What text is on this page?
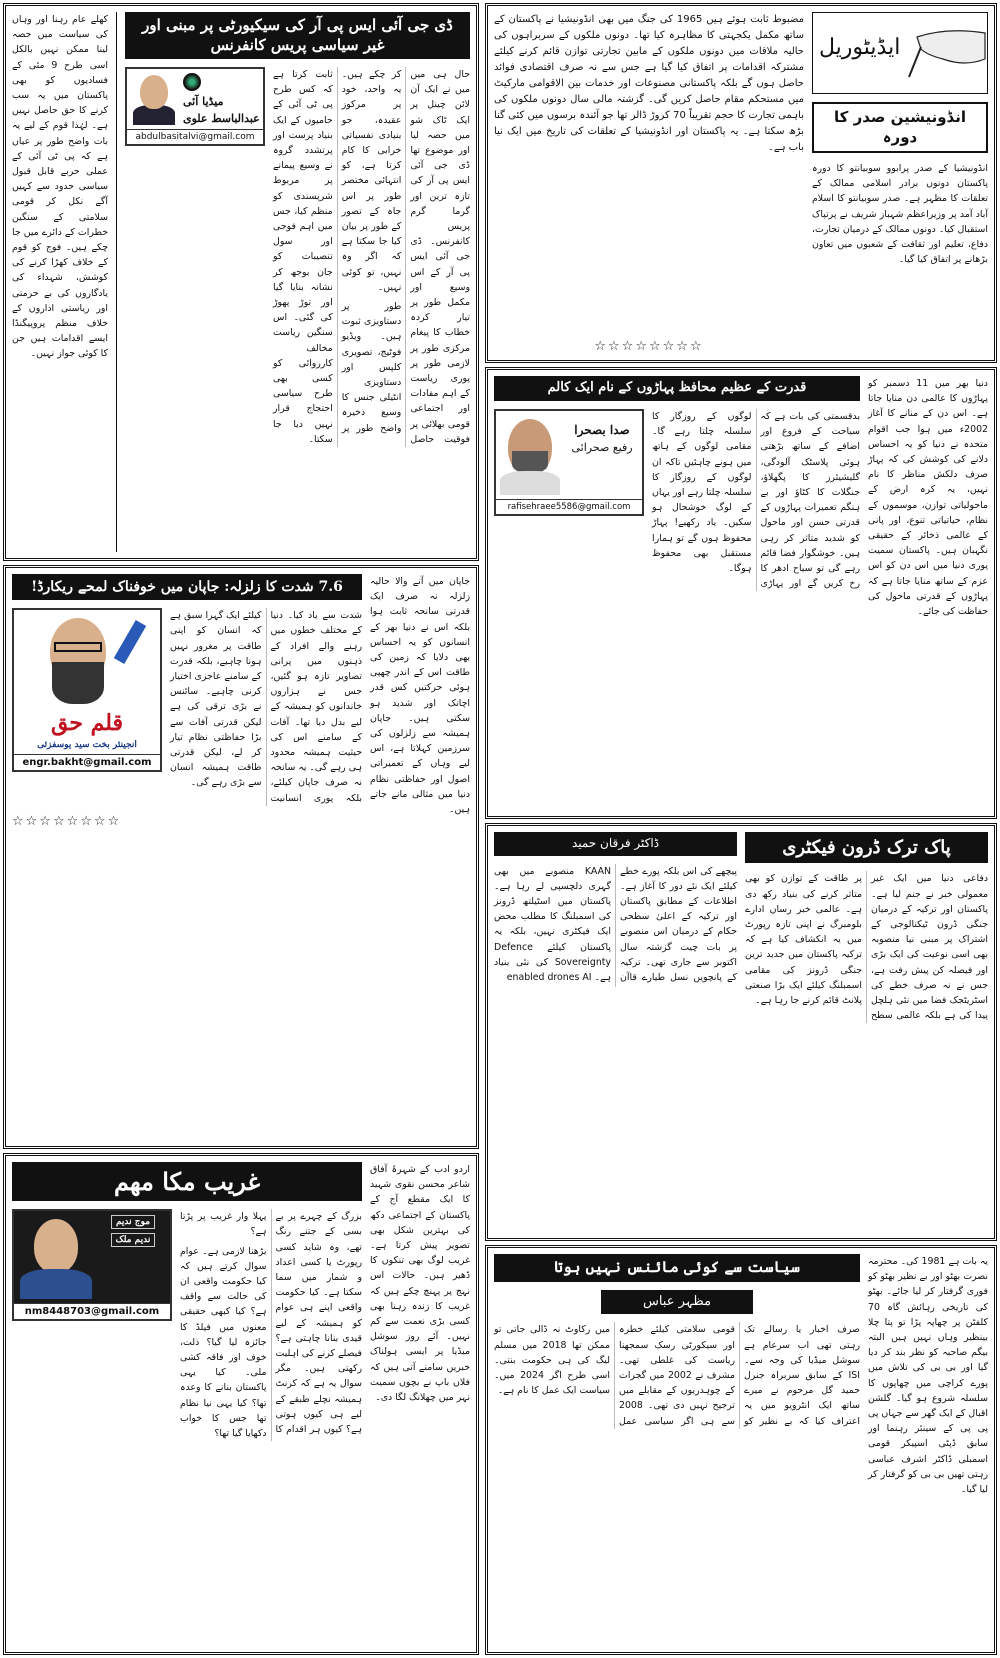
ڈی جی آئی ایس پی آر کی سیکیورٹی پر مبنی اور غیر سیاسی پریس کانفرنس

حال ہی میں میں نے ایک آن لائن چینل پر ایک ٹاک شو میں حصہ لیا اور موضوع تھا ڈی جی آئی ایس پی آر کی تازہ ترین اور گرما گرم پریس کانفرنس۔ ڈی جی آئی ایس پی آر کے اس وسیع اور مکمل طور پر تیار کردہ خطاب کا پیغام مرکزی طور پر لازمی طور پر پوری ریاست کے اہم مفادات اور اجتماعی قومی بھلائی پر فوقیت حاصل کر چکے ہیں۔ یہ واحد، خود پر مرکوز عقیدہ، جو بنیادی نفسیاتی خرابی کا کام کرتا ہے، کو انتہائی مختصر طور پر اس جاہ کے تصور کے طور پر بیان کیا جا سکتا ہے کہ اگر وہ نہیں، تو کوئی نہیں۔

طور پر دستاویزی ثبوت ہیں۔ ویڈیو فوٹیج، تصویری کلپس اور دستاویزی انٹیلی جنس کا وسیع ذخیرہ واضح طور پر ثابت کرتا ہے کہ کس طرح پی ٹی آئی کے حامیوں کے ایک بنیاد پرست اور پرتشدد گروہ نے وسیع پیمانے پر مربوط شرپسندی کو منظم کیا، جس میں اہم فوجی اور سول تنصیبات کو جان بوجھ کر نشانہ بنایا گیا اور توڑ پھوڑ کی گئی۔ اس سنگین ریاست مخالف کارروائی کو کسی بھی طرح سیاسی احتجاج قرار نہیں دیا جا سکتا۔

میڈیا آئی
عبدالباسط علوی
abdulbasitalvi@gmail.com

کھلے عام رہنا اور وہاں کی سیاست میں حصہ لینا ممکن نہیں بالکل اسی طرح 9 مئی کے فسادیوں کو بھی پاکستان میں یہ سب کرنے کا حق حاصل نہیں ہے۔ لہٰذا قوم کے لیے یہ بات واضح طور پر عیاں ہے کہ پی ٹی آئی کے عملی حربے قابل قبول سیاسی حدود سے کہیں آگے نکل کر قومی سلامتی کے سنگین خطرات کے دائرے میں جا چکے ہیں۔ فوج کو قوم کے خلاف کھڑا کرنے کی کوشش، شہداء کی یادگاروں کی بے حرمتی اور ریاستی اداروں کے خلاف منظم پروپیگنڈا ایسے اقدامات ہیں جن کا کوئی جواز نہیں۔

جاپان میں آنے والا حالیہ زلزلہ نہ صرف ایک قدرتی سانحہ ثابت ہوا بلکہ اس نے دنیا بھر کے انسانوں کو یہ احساس بھی دلایا کہ زمین کی طاقت اس کے اندر چھپی ہوئی حرکتیں کس قدر اچانک اور شدید ہو سکتی ہیں۔ جاپان ہمیشہ سے زلزلوں کی سرزمین کہلاتا ہے، اس لیے وہاں کے تعمیراتی اصول اور حفاظتی نظام دنیا میں مثالی مانے جاتے ہیں۔

7.6 شدت کا زلزلہ: جاپان میں خوفناک لمحے ریکارڈ!

شدت سے یاد کیا۔ دنیا کے مختلف خطوں میں رہنے والے افراد کے ذہنوں میں پرانی تصاویر تازہ ہو گئیں، جس نے ہزاروں خاندانوں کو ہمیشہ کے لیے بدل دیا تھا۔ آفات کے سامنے اس کی حیثیت ہمیشہ محدود ہی رہے گی۔ یہ سانحہ نہ صرف جاپان کیلئے، بلکہ پوری انسانیت کیلئے ایک گہرا سبق ہے کہ انسان کو اپنی طاقت پر مغرور نہیں ہونا چاہیے، بلکہ قدرت کے سامنے عاجزی اختیار کرنی چاہیے۔ سائنس نے بڑی ترقی کی ہے لیکن قدرتی آفات سے بڑا حفاظتی نظام تیار کر لے، لیکن قدرتی طاقت ہمیشہ انسان سے بڑی رہے گی۔

قلم حق
انجینئر بخت سید یوسفزئی
engr.bakht@gmail.com
☆☆☆☆☆☆☆☆

اردو ادب کے شہرۂ آفاق شاعر محسن نقوی شہید کا ایک مقطع آج کے پاکستان کے اجتماعی دکھ کی بہترین شکل بھی تصویر پیش کرتا ہے۔ غریب لوگ بھی تنکوں کا ڈھیر ہیں۔ حالات اس نہج پر پہنچ چکے ہیں کہ غریب کا زندہ رہنا بھی کسی بڑی نعمت سے کم نہیں۔ آئے روز سوشل میڈیا پر ایسی ہولناک خبریں سامنے آتی ہیں کہ فلاں باپ نے بچوں سمیت نہر میں چھلانگ لگا دی۔

غریب مکا مھم

بزرگ کے چہرے پر بے بسی کے جتنے رنگ تھے، وہ شاید کسی رپورٹ یا کسی اعداد و شمار میں سما سکتا ہے۔ کیا حکومت واقعی اپنے ہی عوام کو ہمیشہ کے لیے قیدی بنانا چاہتی ہے؟ فیصلے کرنے کی اہلیت رکھتی ہیں۔ مگر سوال یہ ہے کہ کرنٹ ہمیشہ نچلے طبقے کے لیے ہی کیوں ہوتی ہے؟ کیوں ہر اقدام کا پہلا وار غریب پر پڑتا ہے؟

بڑھنا لازمی ہے۔ عوام سوال کرتے ہیں کہ کیا حکومت واقعی ان کی حالت سے واقف ہے؟ کیا کبھی حقیقی معنوں میں فیلڈ کا جائزہ لیا گیا؟ ذلت، خوف اور فاقہ کشی ملی۔ کیا یہی پاکستان بنانے کا وعدہ تھا؟ کیا یہی نیا نظام تھا جس کا خواب دکھایا گیا تھا؟

موج ندیم
ندیم ملک
nm8448703@gmail.com
ایڈیٹوریل
انڈونیشین صدر کا دورہ

انڈونیشیا کے صدر پرابوو سوبیانتو کا دورہ پاکستان دونوں برادر اسلامی ممالک کے تعلقات کا مظہر ہے۔ صدر سوبیانتو کا اسلام آباد آمد پر وزیراعظم شہباز شریف نے پرتپاک استقبال کیا۔ دونوں ممالک کے درمیان تجارت، دفاع، تعلیم اور ثقافت کے شعبوں میں تعاون بڑھانے پر اتفاق کیا گیا۔

مضبوط ثابت ہوئے ہیں 1965 کی جنگ میں بھی انڈونیشیا نے پاکستان کے ساتھ مکمل یکجہتی کا مظاہرہ کیا تھا۔ دونوں ملکوں کے سربراہوں کی حالیہ ملاقات میں دونوں ملکوں کے مابین تجارتی توازن قائم کرنے کیلئے مشترکہ اقدامات پر اتفاق کیا گیا ہے جس سے نہ صرف اقتصادی فوائد حاصل ہوں گے بلکہ پاکستانی مصنوعات اور خدمات بین الاقوامی مارکیٹ میں مستحکم مقام حاصل کریں گی۔ گزشتہ مالی سال دونوں ملکوں کی باہمی تجارت کا حجم تقریباً 70 کروڑ ڈالر تھا جو آئندہ برسوں میں کئی گنا بڑھ سکتا ہے۔ یہ پاکستان اور انڈونیشیا کے تعلقات کی تاریخ میں ایک نیا باب ہے۔

☆☆☆☆☆☆☆☆

دنیا بھر میں 11 دسمبر کو پہاڑوں کا عالمی دن منایا جاتا ہے۔ اس دن کے منانے کا آغاز 2002ء میں ہوا جب اقوام متحدہ نے دنیا کو یہ احساس دلانے کی کوشش کی کہ پہاڑ صرف دلکش مناظر کا نام نہیں، یہ کرہ ارض کے ماحولیاتی توازن، موسموں کے نظام، حیاتیاتی تنوع، اور پانی کے عالمی ذخائر کے حقیقی نگہبان ہیں۔ پاکستان سمیت پوری دنیا میں اس دن کو اس عزم کے ساتھ منایا جاتا ہے کہ پہاڑوں کے قدرتی ماحول کی حفاظت کی جائے۔

قدرت کے عظیم محافظ پہاڑوں کے نام ایک کالم

بدقسمتی کی بات ہے کہ سیاحت کے فروغ اور اضافے کے ساتھ بڑھتی ہوئی پلاسٹک آلودگی، گلیشیئرز کا پگھلاؤ، جنگلات کا کٹاؤ اور بے ہنگم تعمیرات پہاڑوں کے قدرتی حسن اور ماحول کو شدید متاثر کر رہی ہیں۔ خوشگوار فضا قائم رہے گی تو سیاح ادھر کا رخ کریں گے اور پہاڑی لوگوں کے روزگار کا سلسلہ چلتا رہے گا۔ مقامی لوگوں کے ہاتھ میں ہونے چاہئیں تاکہ ان لوگوں کے روزگار کا سلسلہ چلتا رہے اور یہاں کے لوگ خوشحال ہو سکیں۔ یاد رکھیے! پہاڑ محفوظ ہوں گے تو ہمارا مستقبل بھی محفوظ ہوگا۔

صدا بصحرا
رفیع صحرائی
rafisehraee5586@gmail.com
پاک ترک ڈرون فیکٹری

دفاعی دنیا میں ایک غیر معمولی خبر نے جنم لیا ہے۔ پاکستان اور ترکیہ کے درمیان جنگی ڈرون ٹیکنالوجی کے اشتراک پر مبنی نیا منصوبہ بھی اسی نوعیت کی ایک بڑی اور فیصلہ کن پیش رفت ہے، جس نے نہ صرف خطے کی اسٹریٹجک فضا میں نئی ہلچل پیدا کی ہے بلکہ عالمی سطح پر طاقت کے توازن کو بھی متاثر کرنے کی بنیاد رکھ دی ہے۔ عالمی خبر رساں ادارے بلومبرگ نے اپنی تازہ رپورٹ میں یہ انکشاف کیا ہے کہ ترکیہ پاکستان میں جدید ترین جنگی ڈرونز کی مقامی اسمبلنگ کیلئے ایک بڑا صنعتی پلانٹ قائم کرنے جا رہا ہے۔

ڈاکٹر فرقان حمید

پیچھے کی اس بلکہ پورے خطے کیلئے ایک نئے دور کا آغاز ہے۔ اطلاعات کے مطابق پاکستان اور ترکیہ کے اعلیٰ سطحی حکام کے درمیان اس منصوبے پر بات چیت گزشتہ سال اکتوبر سے جاری تھی۔ ترکیہ کے پانچویں نسل طیارے قاآن KAAN منصوبے میں بھی گہری دلچسپی لے رہا ہے۔ پاکستان میں اسٹیلتھ ڈرونز کی اسمبلنگ کا مطلب محض ایک فیکٹری نہیں، بلکہ یہ پاکستان کیلئے Defence Sovereignty کی نئی بنیاد ہے۔ enabled drones AI

یہ بات ہے 1981 کی۔ محترمہ نصرت بھٹو اور بے نظیر بھٹو کو فوری گرفتار کر لیا جائے۔ بھٹو کی تاریخی رہائش گاہ 70 کلفٹن پر چھاپہ پڑا تو پتا چلا بینظیر وہاں نہیں ہیں البتہ بیگم صاحبہ کو نظر بند کر دیا گیا اور بی بی کی تلاش میں پورے کراچی میں چھاپوں کا سلسلہ شروع ہو گیا۔ گلشن اقبال کے ایک گھر سے جہاں پی پی پی کے سینئر رہنما اور سابق ڈپٹی اسپیکر قومی اسمبلی ڈاکٹر اشرف عباسی رہتی تھیں بی بی کو گرفتار کر لیا گیا۔

سیاست سے کوئی مائنس نہیں ہوتا
مظہر عباس

صرف اخبار یا رسالے تک رہتی تھی اب سرعام ہے سوشل میڈیا کی وجہ سے۔ ISI کے سابق سربراہ جنرل حمید گل مرحوم نے میرے ساتھ ایک انٹرویو میں یہ اعتراف کیا کہ بے نظیر کو قومی سلامتی کیلئے خطرہ اور سیکورٹی رسک سمجھنا ریاست کی غلطی تھی۔ مشرف نے 2002 میں گجرات کے چوہدریوں کے مقابلے میں ترجیح نہیں دی تھی۔ 2008 سے ہی اگر سیاسی عمل میں رکاوٹ نہ ڈالی جاتی تو ممکن تھا 2018 میں مسلم لیگ کی ہی حکومت بنتی۔ اسی طرح اگر 2024 میں۔ سیاست ایک عمل کا نام ہے۔
